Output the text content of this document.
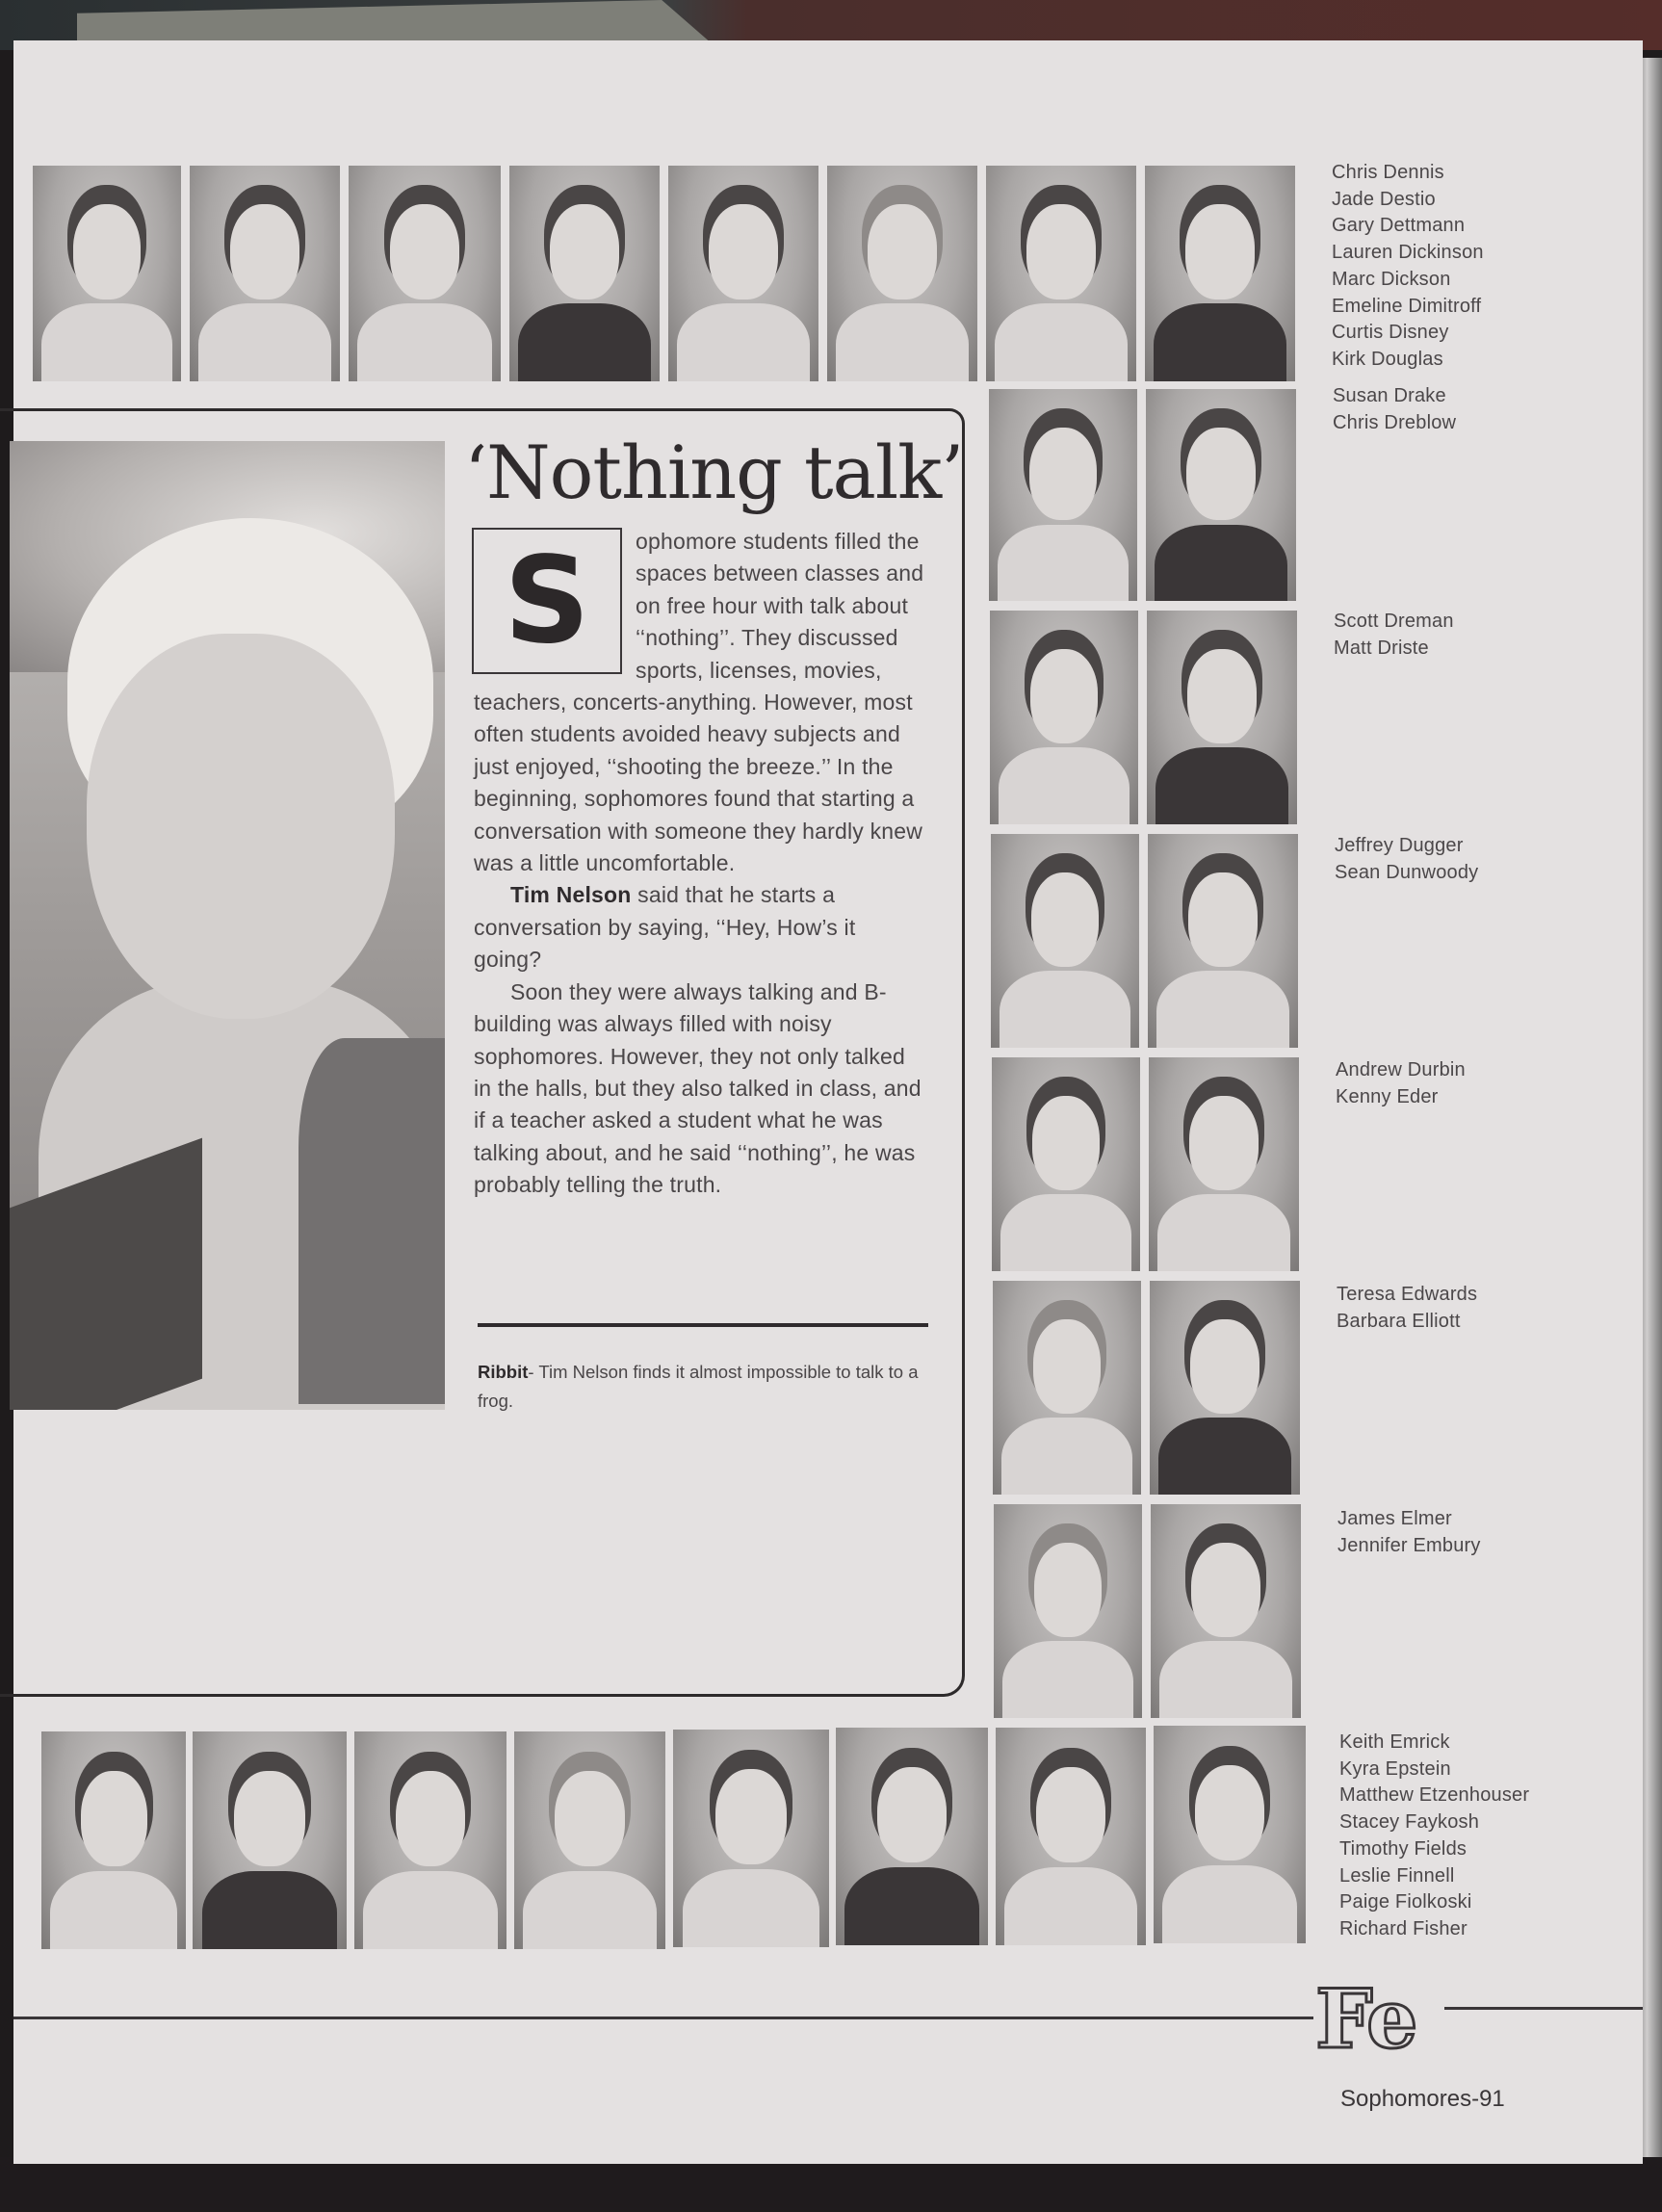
Chris Dennis
Jade Destio
Gary Dettmann
Lauren Dickinson
Marc Dickson
Emeline Dimitroff
Curtis Disney
Kirk Douglas
‘Nothing talk’
S	ophomore students filled the spaces between classes and on free hour with talk about ‘‘nothing’’. They discussed sports, licenses, movies, teachers, concerts-anything. However, most often students avoided heavy subjects and just enjoyed, ‘‘shooting the breeze.’’ In the beginning, sophomores found that starting a conversation with someone they hardly knew was a little uncomfortable.

Tim Nelson said that he starts a conversation by saying, ‘‘Hey, How’s it going?

Soon they were always talking and B-building was always filled with noisy sophomores. However, they not only talked in the halls, but they also talked in class, and if a teacher asked a student what he was talking about, and he said ‘‘nothing’’, he was probably telling the truth.

Ribbit- Tim Nelson finds it almost impossible to talk to a frog.
Susan Drake
Chris Dreblow
Scott Dreman
Matt Driste
Jeffrey Dugger
Sean Dunwoody
Andrew Durbin
Kenny Eder
Teresa Edwards
Barbara Elliott
James Elmer
Jennifer Embury
Keith Emrick
Kyra Epstein
Matthew Etzenhouser
Stacey Faykosh
Timothy Fields
Leslie Finnell
Paige Fiolkoski
Richard Fisher
Fe
Sophomores-91
